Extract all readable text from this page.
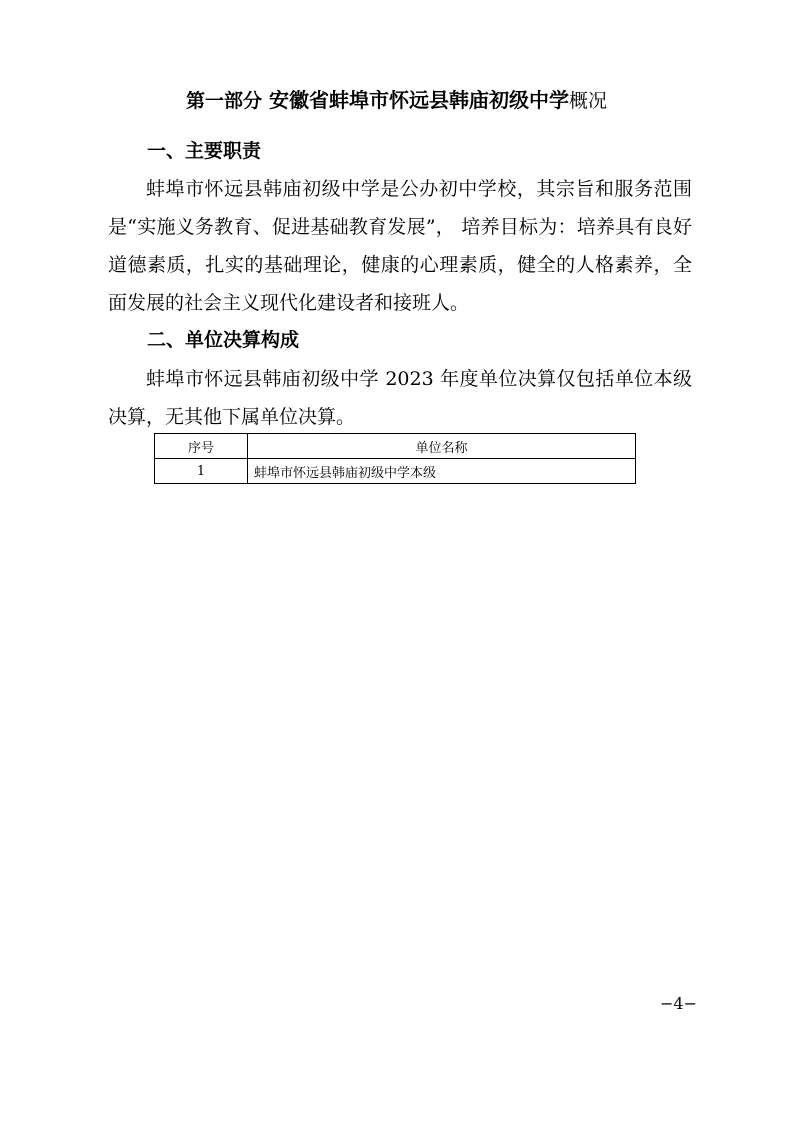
第一部分 安徽省蚌埠市怀远县韩庙初级中学概况
一、主要职责
蚌埠市怀远县韩庙初级中学是公办初中学校，其宗旨和服务范围是“实施义务教育、促进基础教育发展”， 培养目标为：培养具有良好道德素质，扎实的基础理论，健康的心理素质，健全的人格素养，全面发展的社会主义现代化建设者和接班人。
二、单位决算构成
蚌埠市怀远县韩庙初级中学 2023 年度单位决算仅包括单位本级决算，无其他下属单位决算。
序号	单位名称
1	蚌埠市怀远县韩庙初级中学本级
−4−
